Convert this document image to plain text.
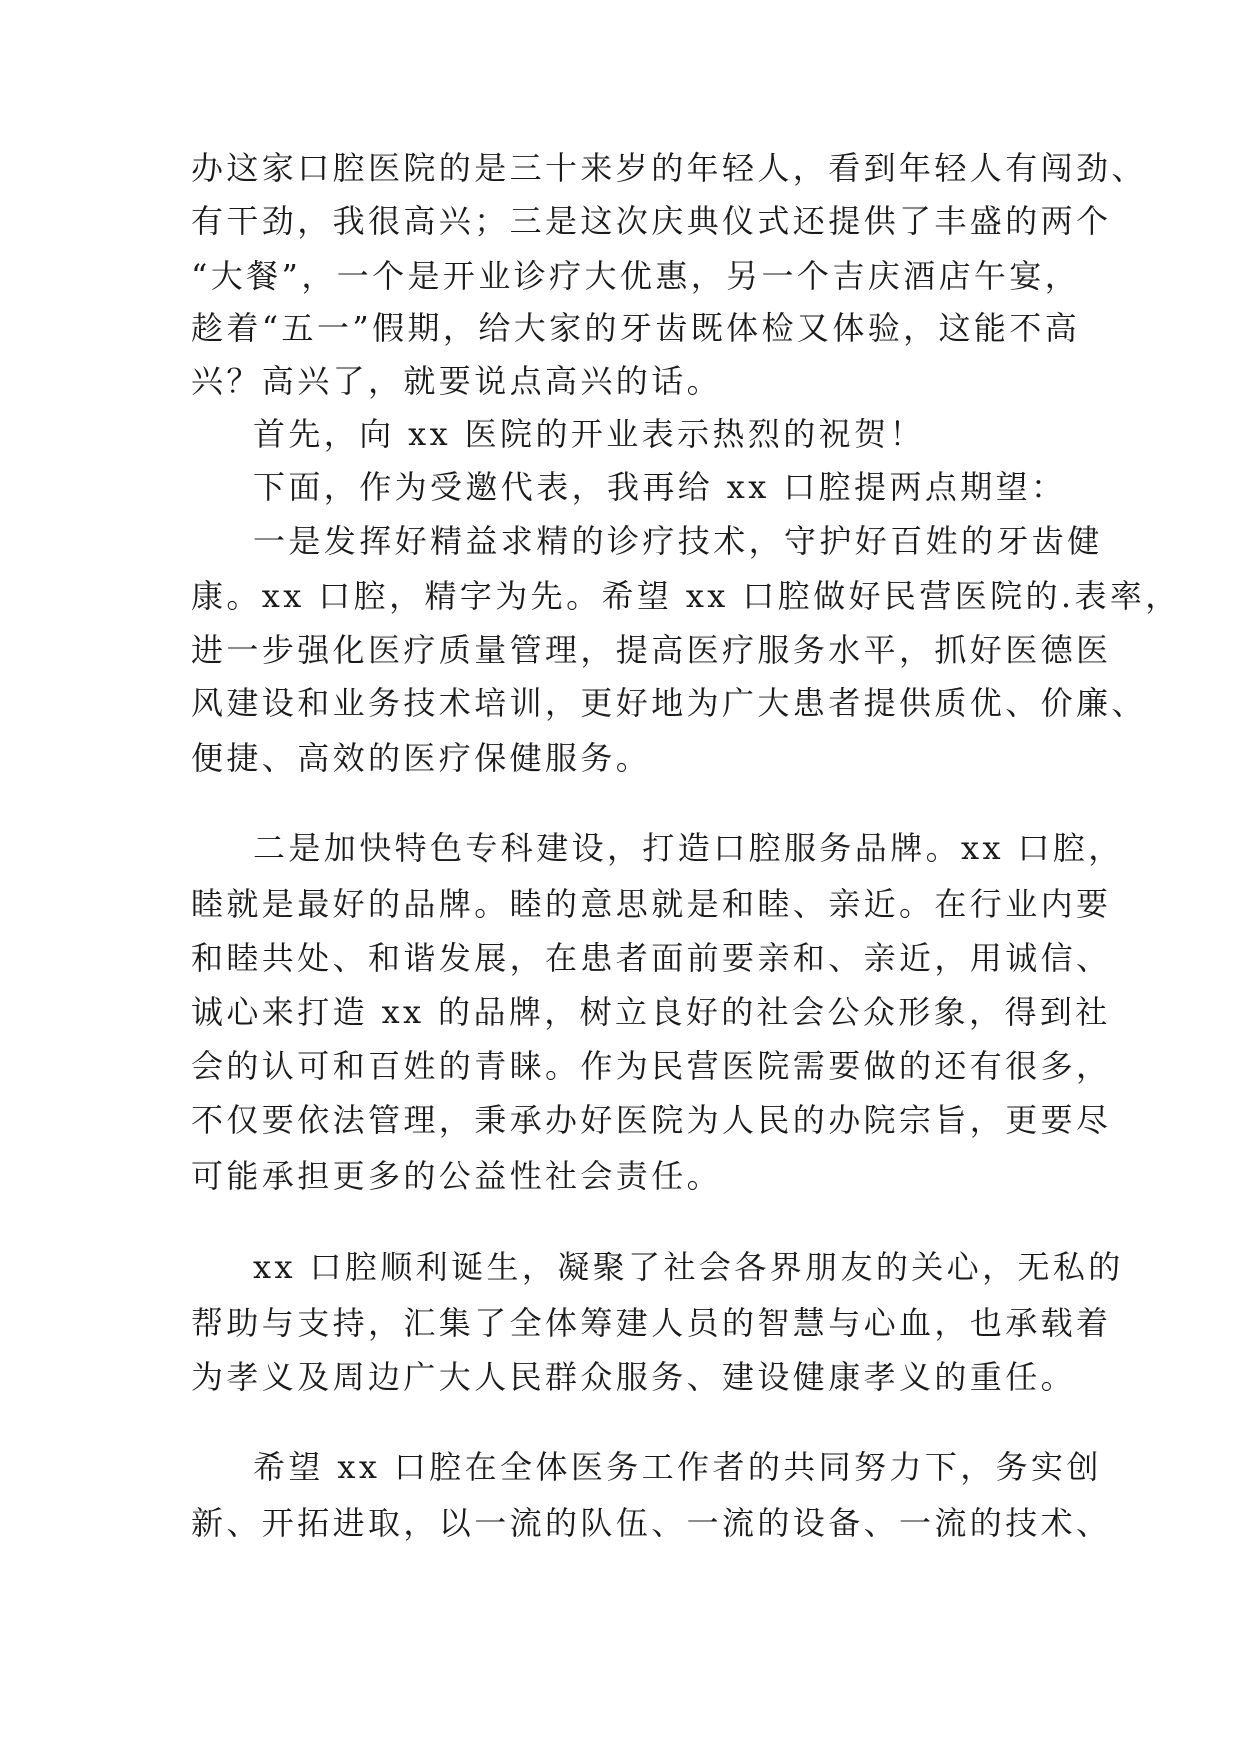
办这家口腔医院的是三十来岁的年轻人，看到年轻人有闯劲、
有干劲，我很高兴；三是这次庆典仪式还提供了丰盛的两个
“大餐”，一个是开业诊疗大优惠，另一个吉庆酒店午宴，
趁着“五一”假期，给大家的牙齿既体检又体验，这能不高
兴？高兴了，就要说点高兴的话。
首先，向 xx 医院的开业表示热烈的祝贺！
下面，作为受邀代表，我再给 xx 口腔提两点期望：
一是发挥好精益求精的诊疗技术，守护好百姓的牙齿健
康。xx 口腔，精字为先。希望 xx 口腔做好民营医院的.表率，
进一步强化医疗质量管理，提高医疗服务水平，抓好医德医
风建设和业务技术培训，更好地为广大患者提供质优、价廉、
便捷、高效的医疗保健服务。
二是加快特色专科建设，打造口腔服务品牌。xx 口腔，
睦就是最好的品牌。睦的意思就是和睦、亲近。在行业内要
和睦共处、和谐发展，在患者面前要亲和、亲近，用诚信、
诚心来打造 xx 的品牌，树立良好的社会公众形象，得到社
会的认可和百姓的青睐。作为民营医院需要做的还有很多，
不仅要依法管理，秉承办好医院为人民的办院宗旨，更要尽
可能承担更多的公益性社会责任。
xx 口腔顺利诞生，凝聚了社会各界朋友的关心，无私的
帮助与支持，汇集了全体筹建人员的智慧与心血，也承载着
为孝义及周边广大人民群众服务、建设健康孝义的重任。
希望 xx 口腔在全体医务工作者的共同努力下，务实创
新、开拓进取，以一流的队伍、一流的设备、一流的技术、
